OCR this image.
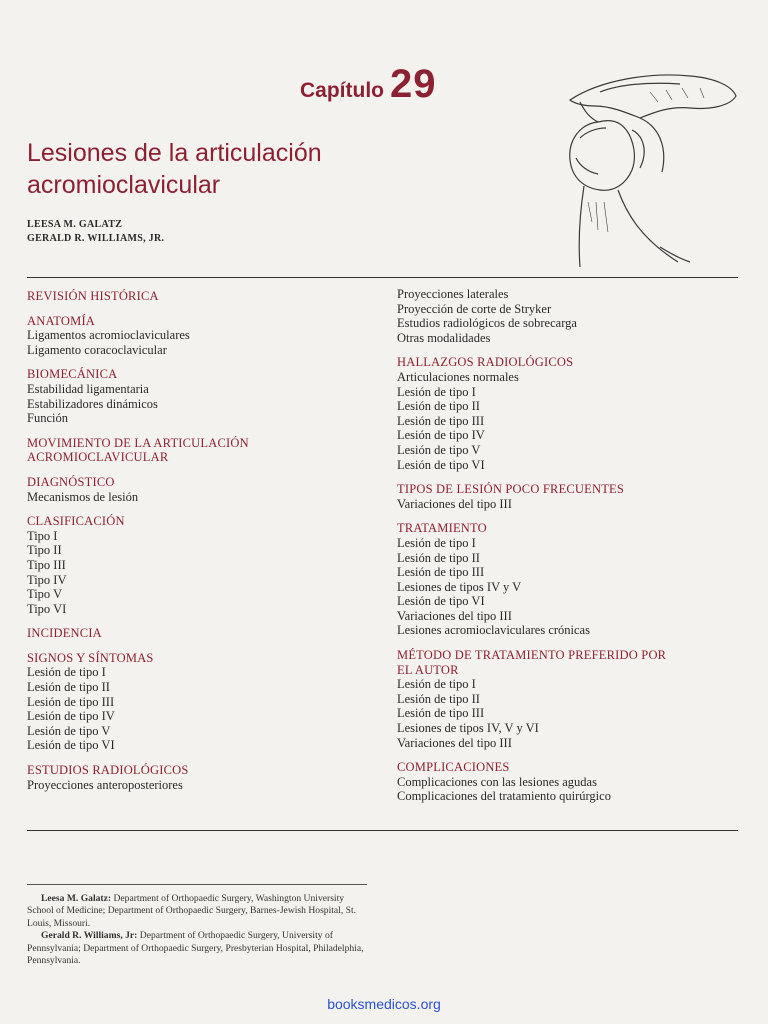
Capítulo 29
Lesiones de la articulación
acromioclavicular
LEESA M. GALATZ
GERALD R. WILLIAMS, JR.
REVISIÓN HISTÓRICA
ANATOMÍA
Ligamentos acromioclaviculares
Ligamento coracoclavicular
BIOMECÁNICA
Estabilidad ligamentaria
Estabilizadores dinámicos
Función
MOVIMIENTO DE LA ARTICULACIÓN ACROMIOCLAVICULAR
DIAGNÓSTICO
Mecanismos de lesión
CLASIFICACIÓN
Tipo I
Tipo II
Tipo III
Tipo IV
Tipo V
Tipo VI
INCIDENCIA
SIGNOS Y SÍNTOMAS
Lesión de tipo I
Lesión de tipo II
Lesión de tipo III
Lesión de tipo IV
Lesión de tipo V
Lesión de tipo VI
ESTUDIOS RADIOLÓGICOS
Proyecciones anteroposteriores
Proyecciones laterales
Proyección de corte de Stryker
Estudios radiológicos de sobrecarga
Otras modalidades
HALLAZGOS RADIOLÓGICOS
Articulaciones normales
Lesión de tipo I
Lesión de tipo II
Lesión de tipo III
Lesión de tipo IV
Lesión de tipo V
Lesión de tipo VI
TIPOS DE LESIÓN POCO FRECUENTES
Variaciones del tipo III
TRATAMIENTO
Lesión de tipo I
Lesión de tipo II
Lesión de tipo III
Lesiones de tipos IV y V
Lesión de tipo VI
Variaciones del tipo III
Lesiones acromioclaviculares crónicas
MÉTODO DE TRATAMIENTO PREFERIDO POR EL AUTOR
Lesión de tipo I
Lesión de tipo II
Lesión de tipo III
Lesiones de tipos IV, V y VI
Variaciones del tipo III
COMPLICACIONES
Complicaciones con las lesiones agudas
Complicaciones del tratamiento quirúrgico

Leesa M. Galatz: Department of Orthopaedic Surgery, Washington University School of Medicine; Department of Orthopaedic Surgery, Barnes-Jewish Hospital, St. Louis, Missouri.

Gerald R. Williams, Jr: Department of Orthopaedic Surgery, University of Pennsylvania; Department of Orthopaedic Surgery, Presbyterian Hospital, Philadelphia, Pennsylvania.

booksmedicos.org
